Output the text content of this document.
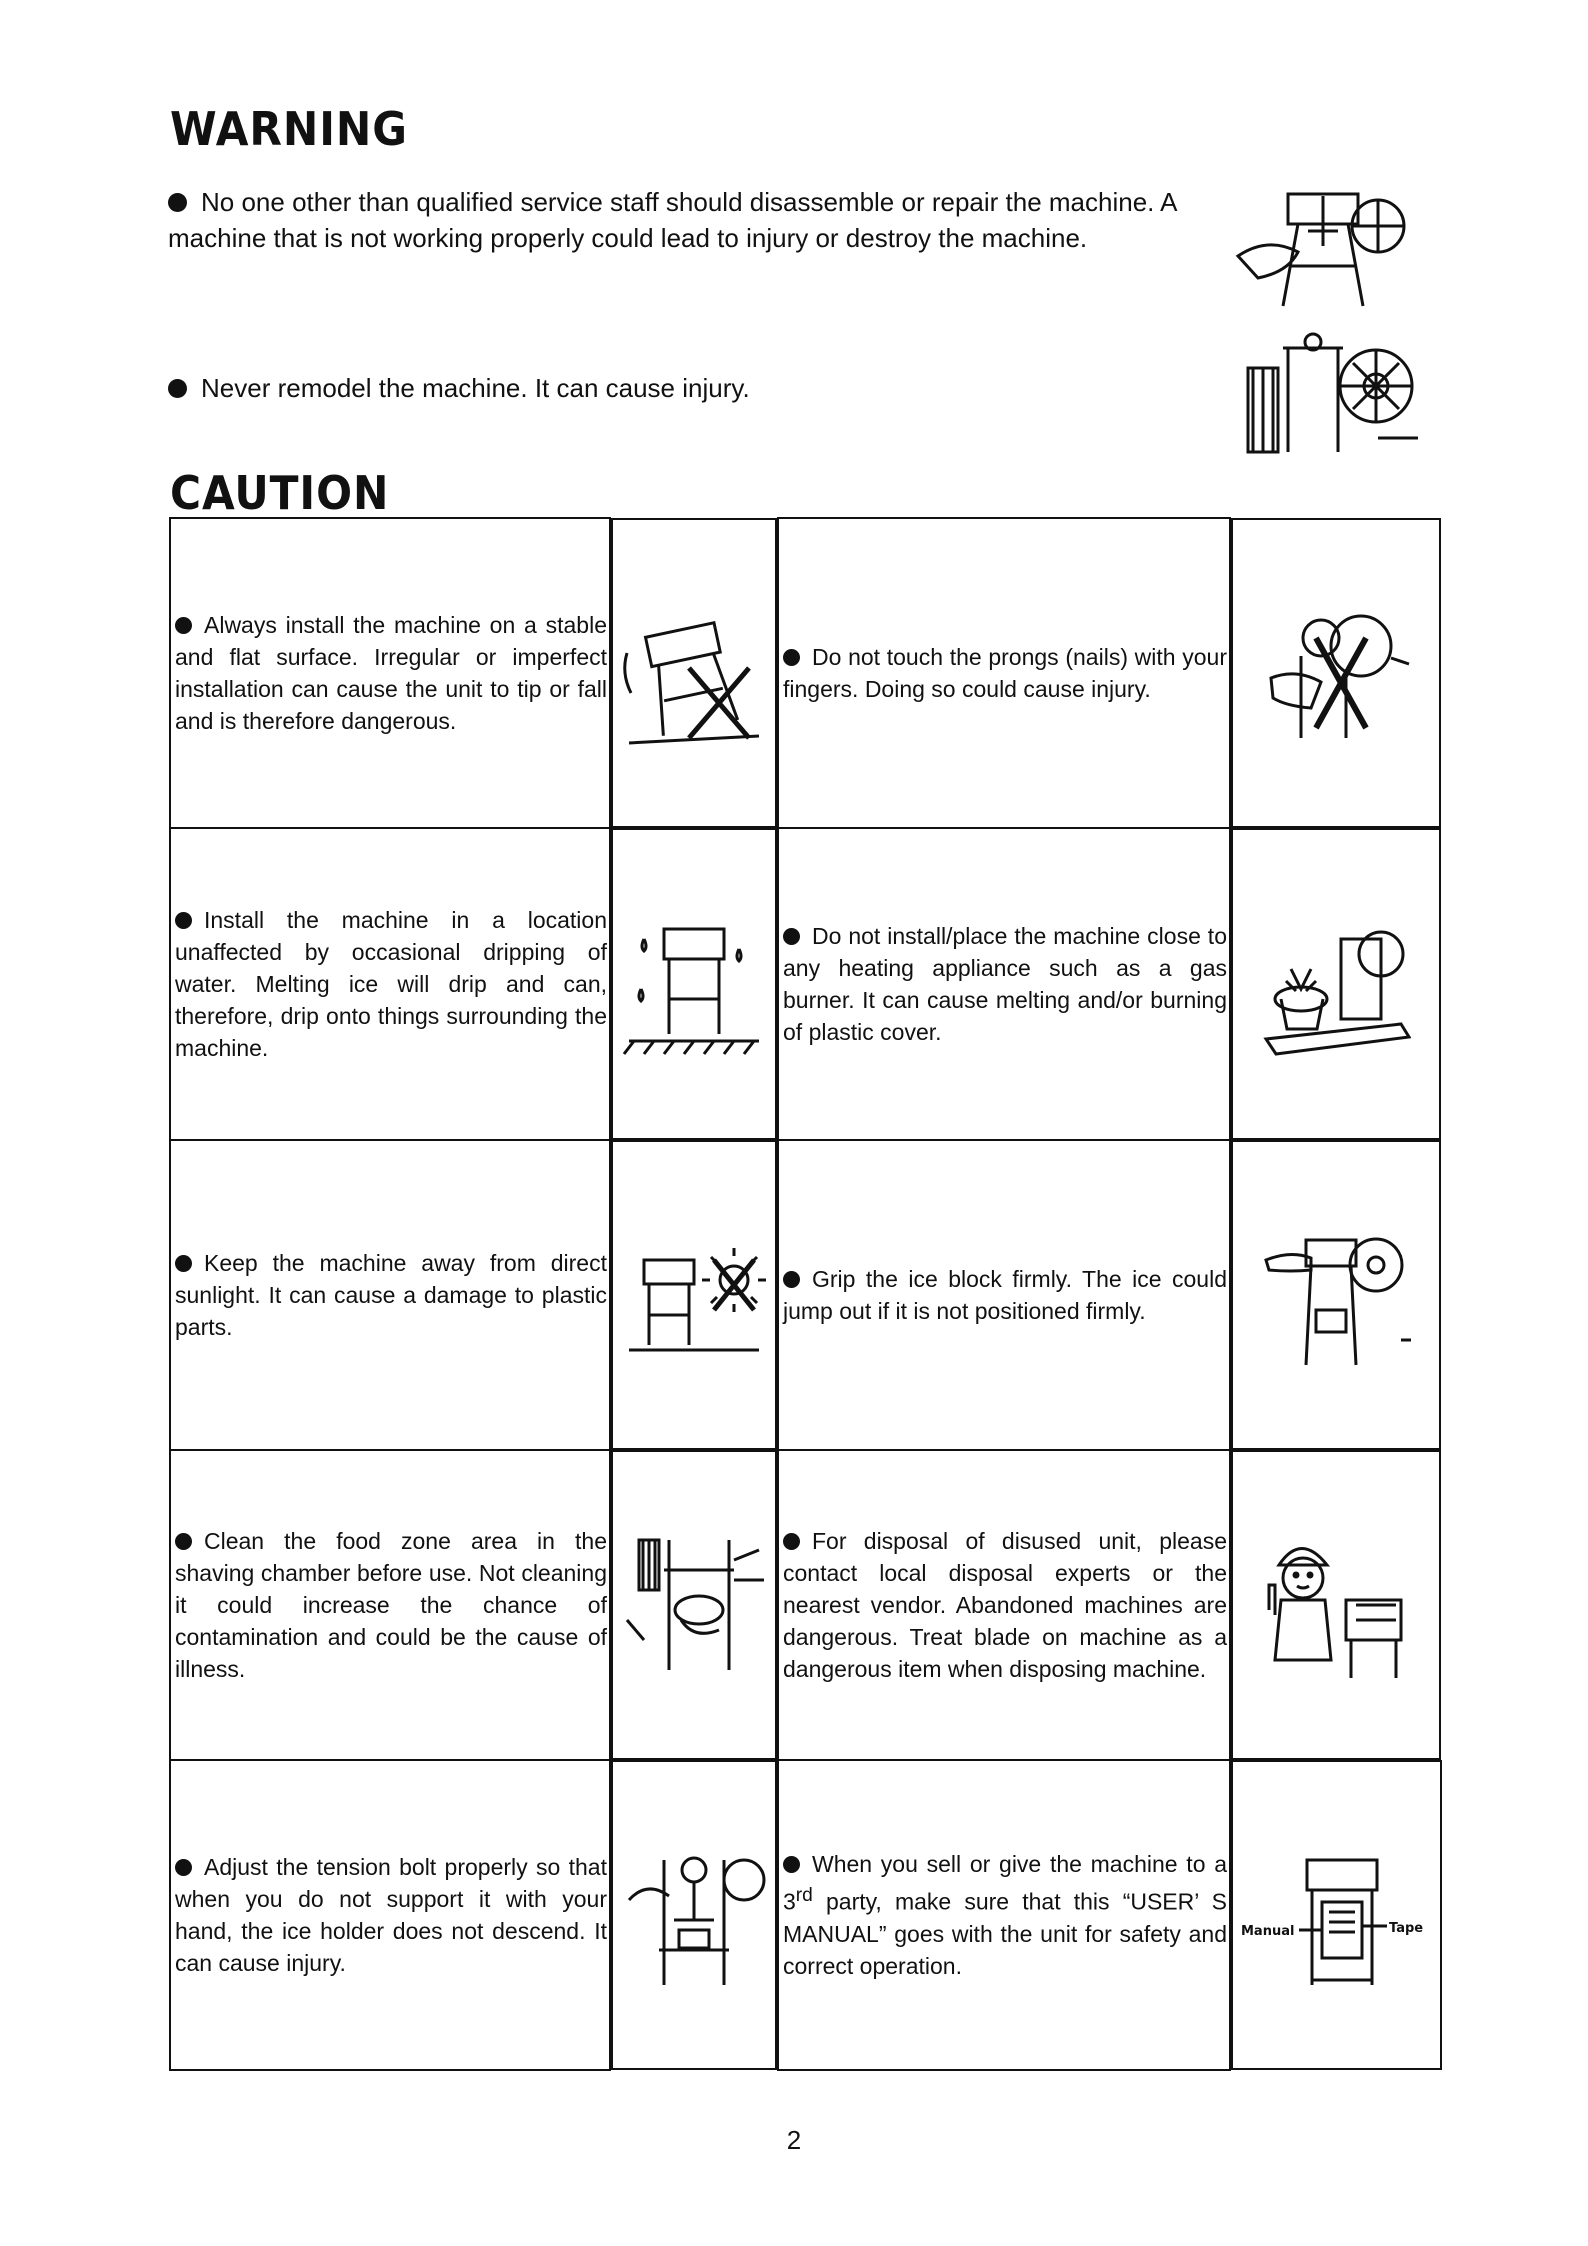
WARNING
No one other than qualified service staff should disassemble or repair the machine. A machine that is not working properly could lead to injury or destroy the machine.
Never remodel the machine. It can cause injury.
CAUTION
Always install the machine on a stable and flat surface. Irregular or imperfect installation can cause the unit to tip or fall and is therefore dangerous.	Do not touch the prongs (nails) with your fingers. Doing so could cause injury.

Install the machine in a location unaffected by occasional dripping of water. Melting ice will drip and can, therefore, drip onto things surrounding the machine.	Do not install/place the machine close to any heating appliance such as a gas burner. It can cause melting and/or burning of plastic cover.

Keep the machine away from direct sunlight. It can cause a damage to plastic parts.	Grip the ice block firmly. The ice could jump out if it is not positioned firmly.

Clean the food zone area in the shaving chamber before use. Not cleaning it could increase the chance of contamination and could be the cause of illness.	For disposal of disused unit, please contact local disposal experts or the nearest vendor. Abandoned machines are dangerous. Treat blade on machine as a dangerous item when disposing machine.

Adjust the tension bolt properly so that when you do not support it with your hand, the ice holder does not descend. It can cause injury.	When you sell or give the machine to a 3rd party, make sure that this “USER’ S MANUAL” goes with the unit for safety and correct operation.

Manual	Tape
2
